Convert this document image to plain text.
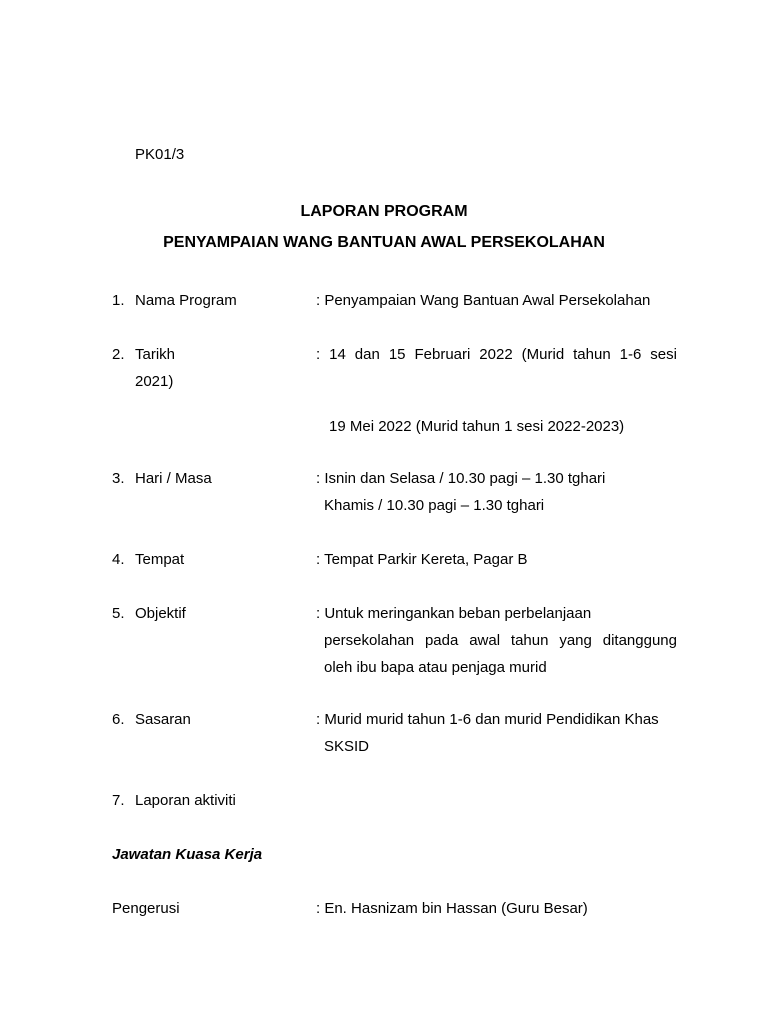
PK01/3
LAPORAN PROGRAM
PENYAMPAIAN WANG BANTUAN AWAL PERSEKOLAHAN
1. Nama Program	: Penyampaian Wang Bantuan Awal Persekolahan
2. Tarikh	: 14 dan 15 Februari 2022 (Murid tahun 1-6 sesi
2021)
19 Mei 2022 (Murid tahun 1 sesi 2022-2023)
3. Hari / Masa	: Isnin dan Selasa / 10.30 pagi – 1.30 tghari
Khamis / 10.30 pagi – 1.30 tghari
4. Tempat	: Tempat Parkir Kereta, Pagar B
5. Objektif	: Untuk meringankan beban perbelanjaan
persekolahan pada awal tahun yang ditanggung
oleh ibu bapa atau penjaga murid
6. Sasaran	: Murid murid tahun 1-6 dan murid Pendidikan Khas
SKSID
7. Laporan aktiviti
Jawatan Kuasa Kerja
Pengerusi	: En. Hasnizam bin Hassan (Guru Besar)
